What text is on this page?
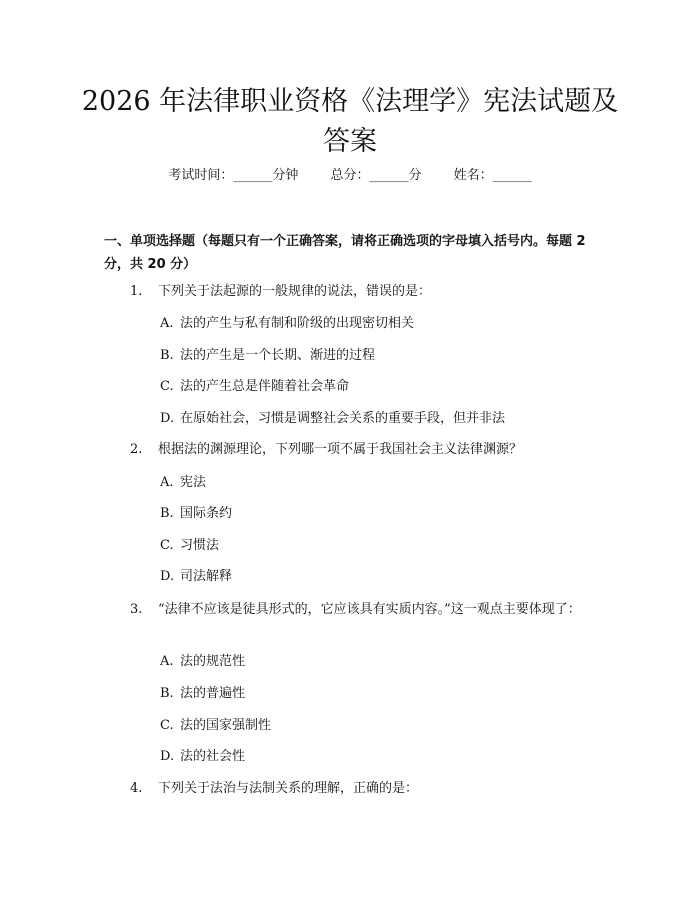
2026 年法律职业资格《法理学》宪法试题及
答案
考试时间：______分钟 总分：______分 姓名：______
一、单项选择题（每题只有一个正确答案，请将正确选项的字母填入括号内。每题 2 分，共 20 分）
1. 下列关于法起源的一般规律的说法，错误的是：
A. 法的产生与私有制和阶级的出现密切相关
B. 法的产生是一个长期、渐进的过程
C. 法的产生总是伴随着社会革命
D. 在原始社会，习惯是调整社会关系的重要手段，但并非法
2. 根据法的渊源理论，下列哪一项不属于我国社会主义法律渊源？
A. 宪法
B. 国际条约
C. 习惯法
D. 司法解释
3. “法律不应该是徒具形式的，它应该具有实质内容。”这一观点主要体现了：
A. 法的规范性
B. 法的普遍性
C. 法的国家强制性
D. 法的社会性
4. 下列关于法治与法制关系的理解，正确的是：
